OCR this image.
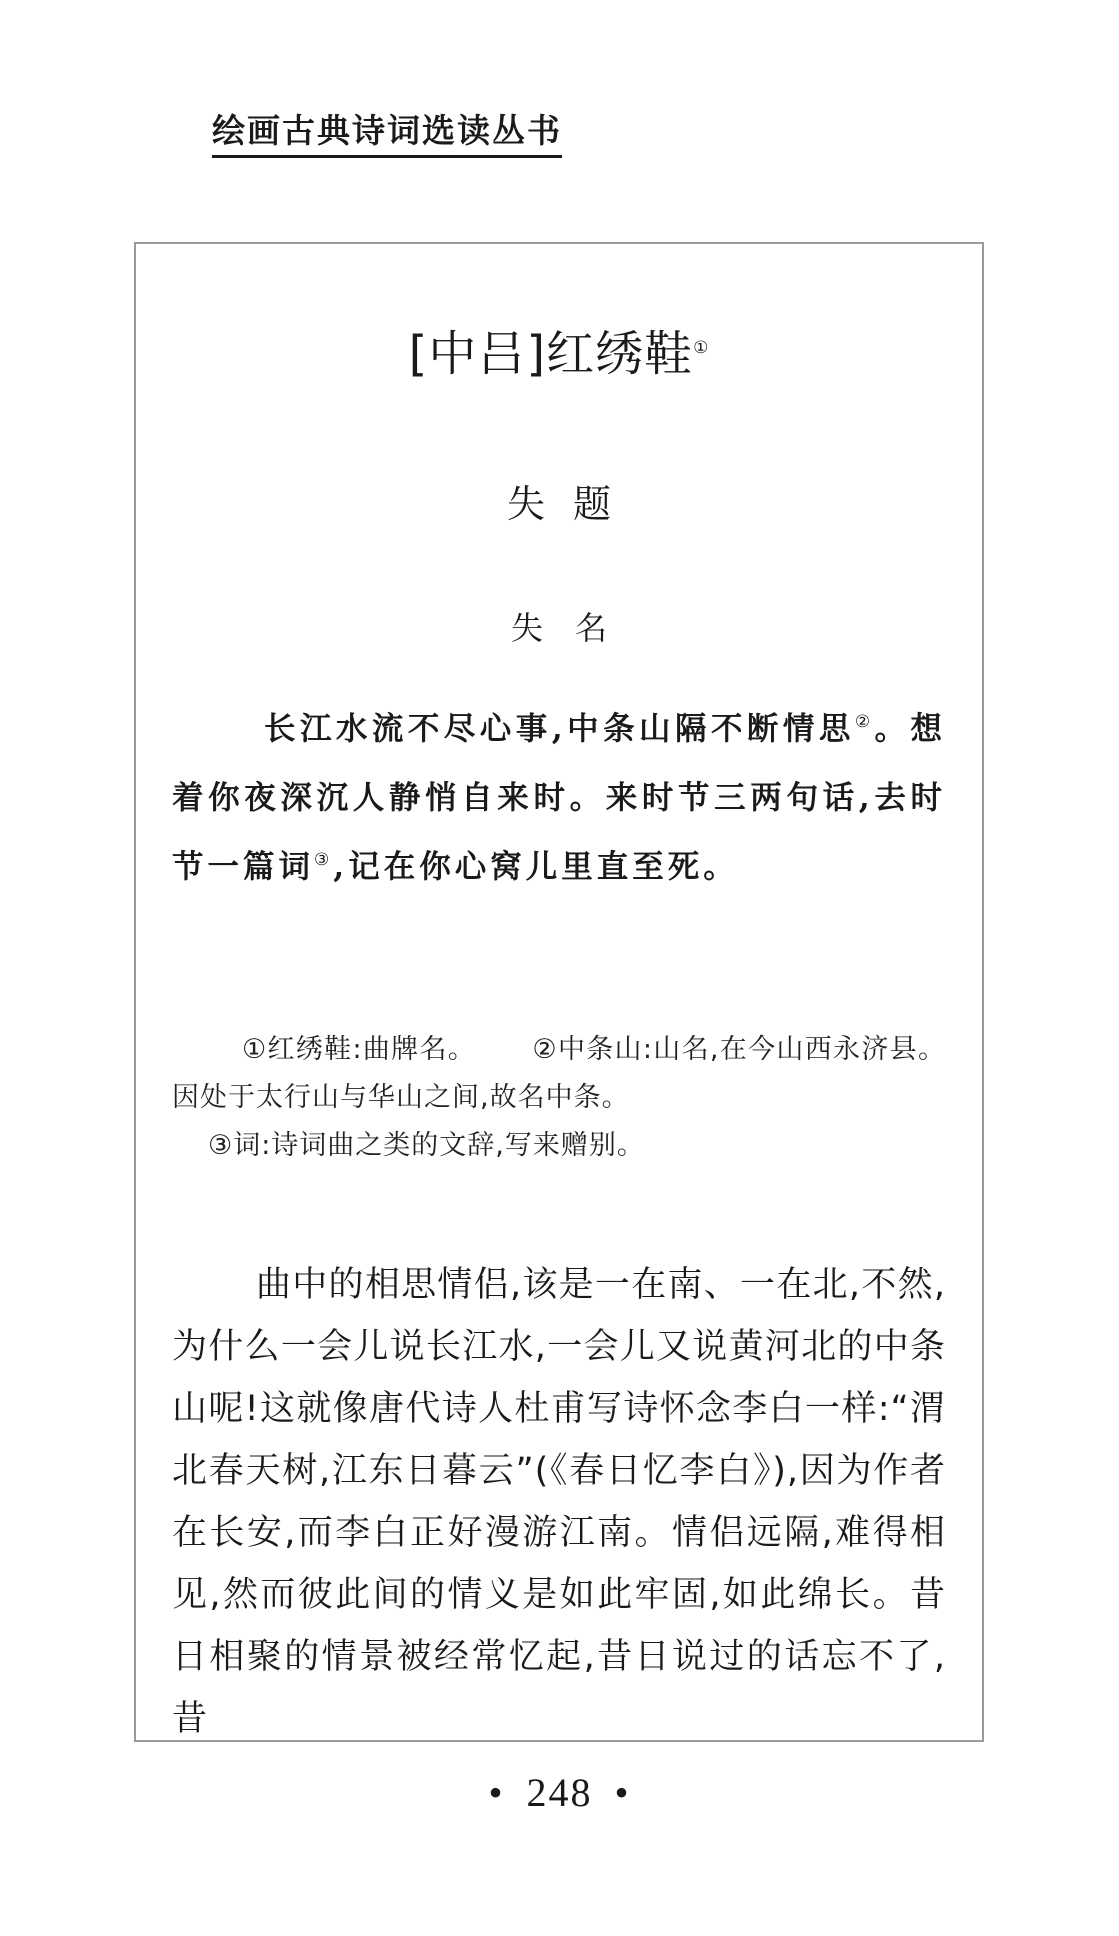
绘画古典诗词选读丛书
[中吕]红绣鞋①
失题
失名

长江水流不尽心事,中条山隔不断情思②。想着你夜深沉人静悄自来时。来时节三两句话,去时节一篇词③,记在你心窝儿里直至死。

①红绣鞋:曲牌名。   ②中条山:山名,在今山西永济县。因处于太行山与华山之间,故名中条。
③词:诗词曲之类的文辞,写来赠别。

曲中的相思情侣,该是一在南、一在北,不然,为什么一会儿说长江水,一会儿又说黄河北的中条山呢!这就像唐代诗人杜甫写诗怀念李白一样:“渭北春天树,江东日暮云”(《春日忆李白》),因为作者在长安,而李白正好漫游江南。情侣远隔,难得相见,然而彼此间的情义是如此牢固,如此绵长。昔日相聚的情景被经常忆起,昔日说过的话忘不了,昔

• 248 •
